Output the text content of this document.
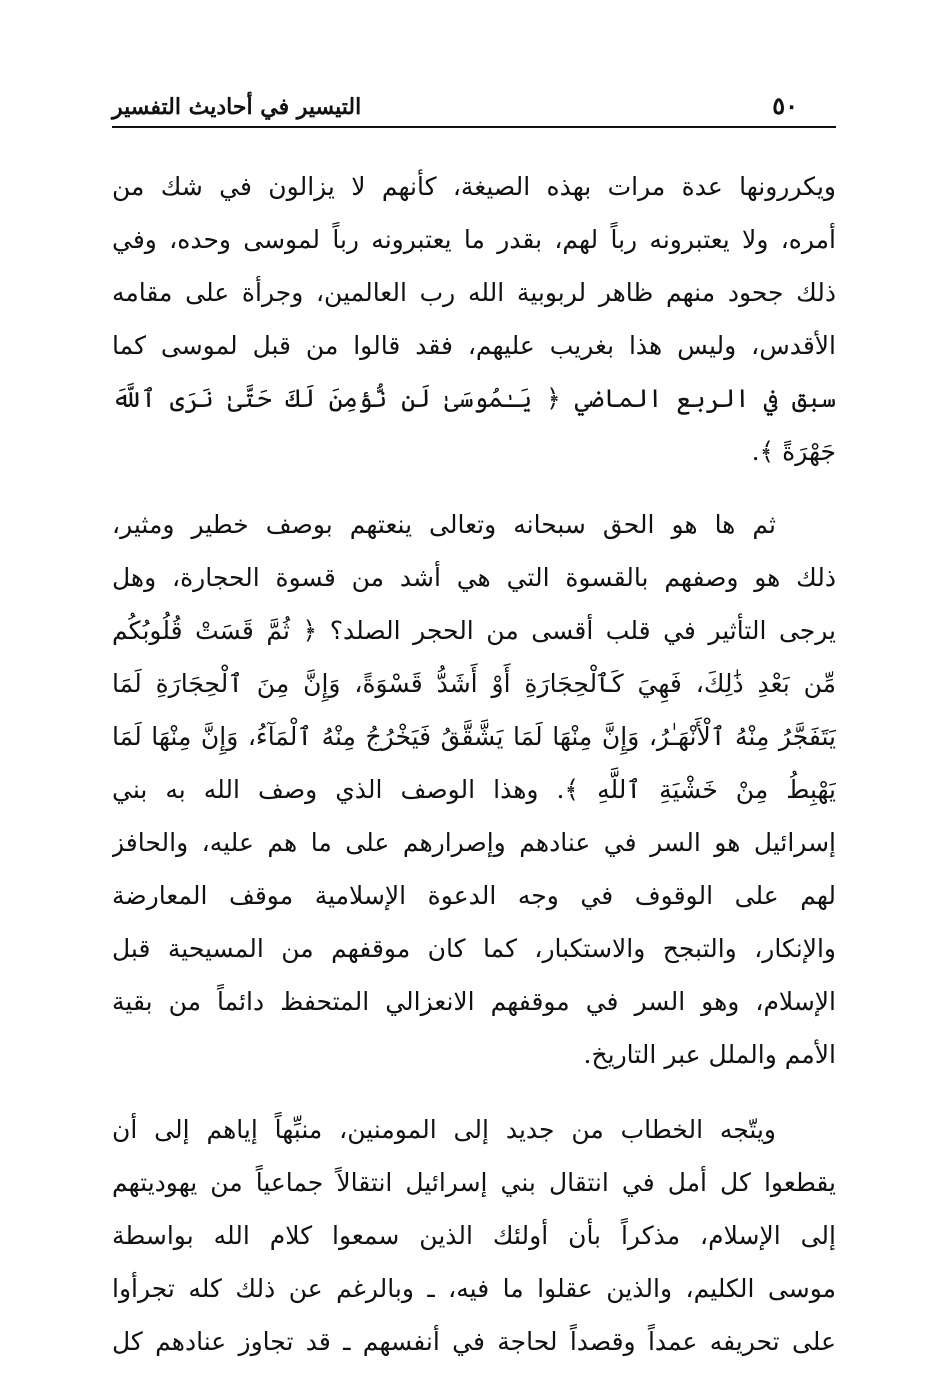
التيسير في أحاديث التفسير	٥٠
ويكررونها عدة مرات بهذه الصيغة، كأنهم لا يزالون في شك من
أمره، ولا يعتبرونه رباً لهم، بقدر ما يعتبرونه رباً لموسى وحده، وفي
ذلك جحود منهم ظاهر لربوبية الله رب العالمين، وجرأة على مقامه
الأقدس، وليس هذا بغريب عليهم، فقد قالوا من قبل لموسى كما
سبق في الربع الماضي ﴿ يَـٰمُوسَىٰ لَن نُّؤمِنَ لَكَ حَتَّىٰ نَرَى ٱللَّهَ
جَهْرَةً ﴾.
ثم ها هو الحق سبحانه وتعالى ينعتهم بوصف خطير ومثير،
ذلك هو وصفهم بالقسوة التي هي أشد من قسوة الحجارة، وهل
يرجى التأثير في قلب أقسى من الحجر الصلد؟ ﴿ ثُمَّ قَسَتْ قُلُوبُكُم
مِّن بَعْدِ ذَٰلِكَ، فَهِيَ كَٱلْحِجَارَةِ أَوْ أَشَدُّ قَسْوَةً، وَإِنَّ مِنَ ٱلْحِجَارَةِ لَمَا
يَتَفَجَّرُ مِنْهُ ٱلْأَنْهَـٰرُ، وَإِنَّ مِنْهَا لَمَا يَشَّقَّقُ فَيَخْرُجُ مِنْهُ ٱلْمَآءُ، وَإِنَّ مِنْهَا لَمَا
يَهْبِطُ مِنْ خَشْيَةِ ٱللَّهِ ﴾. وهذا الوصف الذي وصف الله به بني
إسرائيل هو السر في عنادهم وإصرارهم على ما هم عليه، والحافز
لهم على الوقوف في وجه الدعوة الإسلامية موقف المعارضة
والإنكار، والتبجح والاستكبار، كما كان موقفهم من المسيحية قبل
الإسلام، وهو السر في موقفهم الانعزالي المتحفظ دائماً من بقية
الأمم والملل عبر التاريخ.
ويتّجه الخطاب من جديد إلى المومنين، منبِّهاً إياهم إلى أن
يقطعوا كل أمل في انتقال بني إسرائيل انتقالاً جماعياً من يهوديتهم
إلى الإسلام، مذكراً بأن أولئك الذين سمعوا كلام الله بواسطة
موسى الكليم، والذين عقلوا ما فيه، ـ وبالرغم عن ذلك كله تجرأوا
على تحريفه عمداً وقصداً لحاجة في أنفسهم ـ قد تجاوز عنادهم كل
